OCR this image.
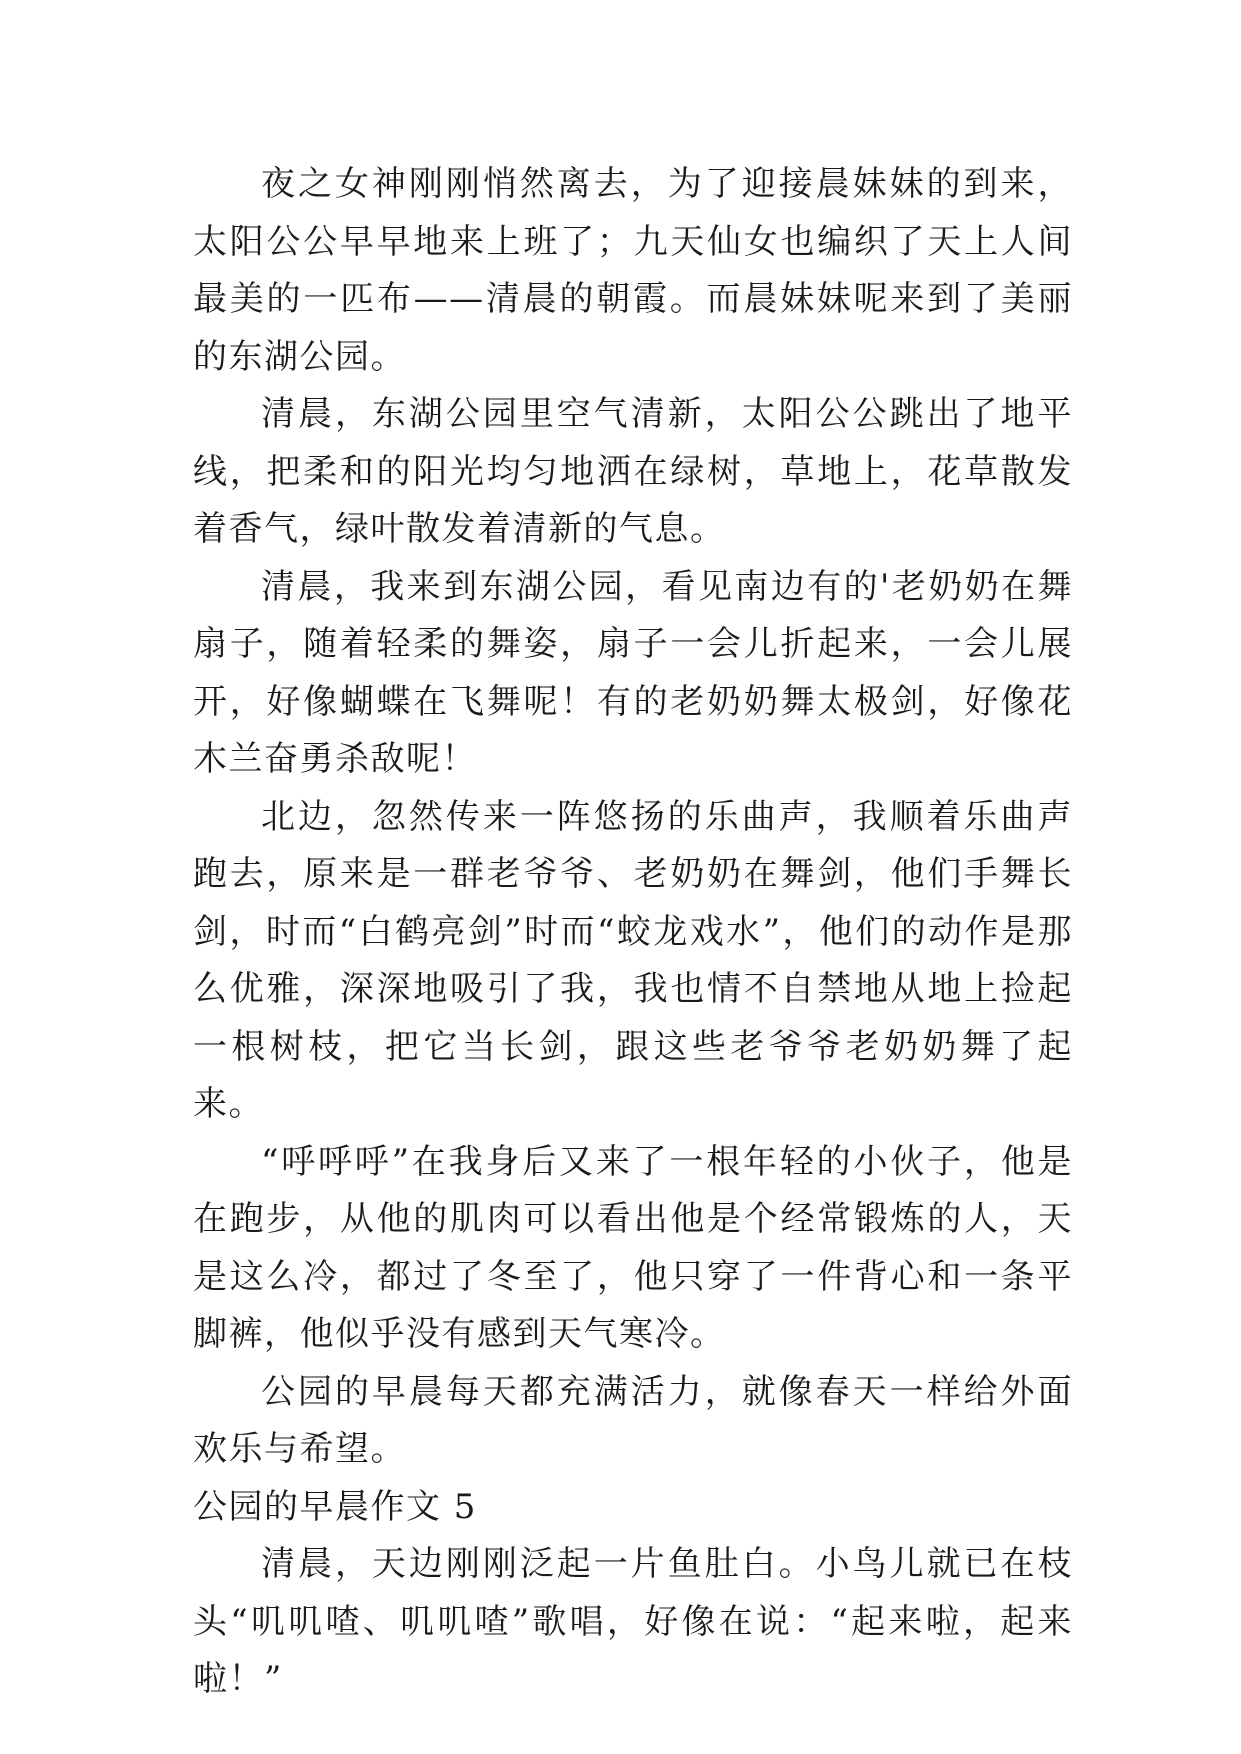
夜之女神刚刚悄然离去，为了迎接晨妹妹的到来，太阳公公早早地来上班了；九天仙女也编织了天上人间最美的一匹布——清晨的朝霞。而晨妹妹呢来到了美丽的东湖公园。

清晨，东湖公园里空气清新，太阳公公跳出了地平线，把柔和的阳光均匀地洒在绿树，草地上，花草散发着香气，绿叶散发着清新的气息。

清晨，我来到东湖公园，看见南边有的'老奶奶在舞扇子，随着轻柔的舞姿，扇子一会儿折起来，一会儿展开，好像蝴蝶在飞舞呢！有的老奶奶舞太极剑，好像花木兰奋勇杀敌呢！

北边，忽然传来一阵悠扬的乐曲声，我顺着乐曲声跑去，原来是一群老爷爷、老奶奶在舞剑，他们手舞长剑，时而“白鹤亮剑”时而“蛟龙戏水”，他们的动作是那么优雅，深深地吸引了我，我也情不自禁地从地上捡起一根树枝，把它当长剑，跟这些老爷爷老奶奶舞了起来。

“呼呼呼”在我身后又来了一根年轻的小伙子，他是在跑步，从他的肌肉可以看出他是个经常锻炼的人，天是这么冷，都过了冬至了，他只穿了一件背心和一条平脚裤，他似乎没有感到天气寒冷。

公园的早晨每天都充满活力，就像春天一样给外面欢乐与希望。

公园的早晨作文 5

清晨，天边刚刚泛起一片鱼肚白。小鸟儿就已在枝头“叽叽喳、叽叽喳”歌唱，好像在说：“起来啦，起来啦！”
